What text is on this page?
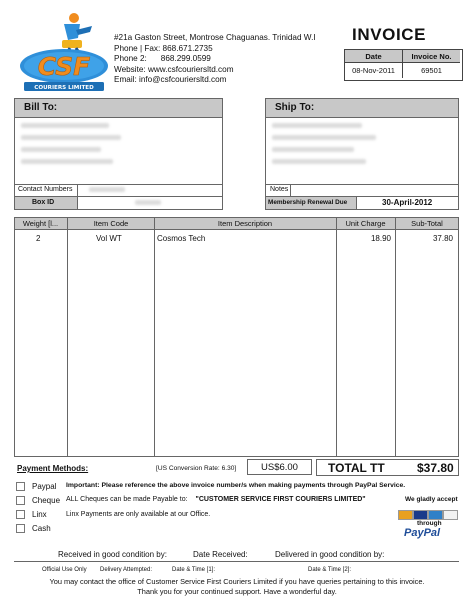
CSF
COURIERS LIMITED
#21a Gaston Street, Montrose Chaguanas. Trinidad W.I
Phone | Fax: 868.671.2735
Phone 2: 868.299.0599
Website: www.csfcouriersltd.com
Email: info@csfcouriersltd.com
INVOICE
Date	Invoice No.
08-Nov-2011	69501
Bill To:
Contact Numbers
Box ID
Ship To:
Notes
Membership Renewal Due	30-April-2012
Weight [l...	Item Code	Item Description	Unit Charge	Sub-Total
2	Vol WT	Cosmos Tech	18.90	37.80
Payment Methods:	[US Conversion Rate: 6.30]	US$6.00	TOTAL TT	$37.80
Paypal
Cheque
Linx
Cash
Important: Please reference the above invoice number/s when making payments through PayPal Service.
ALL Cheques can be made Payable to: "CUSTOMER SERVICE FIRST COURIERS LIMITED"
Linx Payments are only available at our Office.
We gladly accept
through
PayPal
Received in good condition by:	Date Received:	Delivered in good condition by:
Official Use Only Delivery Attempted:	Date & Time [1]:	Date & Time [2]:
You may contact the office of Customer Service First Couriers Limited if you have queries pertaining to this invoice.
Thank you for your continued support. Have a wonderful day.
